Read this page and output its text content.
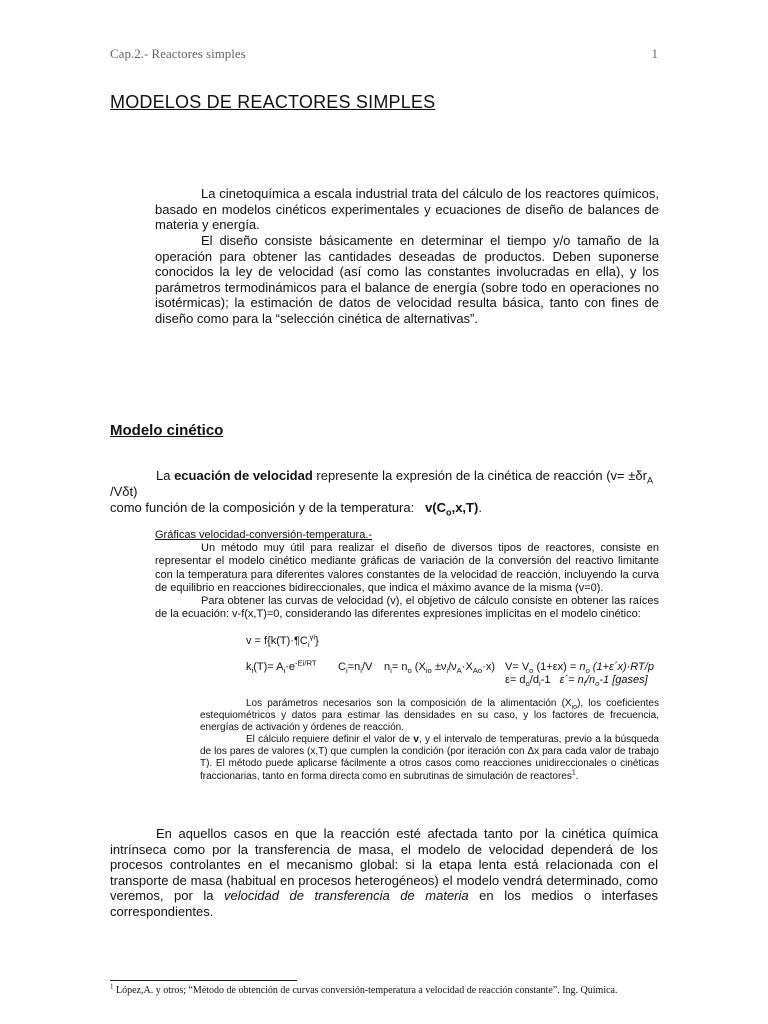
Cap.2.- Reactores simples	1
MODELOS DE REACTORES SIMPLES
La cinetoquímica a escala industrial trata del cálculo de los reactores químicos, basado en modelos cinéticos experimentales y ecuaciones de diseño de balances de materia y energía.
El diseño consiste básicamente en determinar el tiempo y/o tamaño de la operación para obtener las cantidades deseadas de productos. Deben suponerse conocidos la ley de velocidad (así como las constantes involucradas en ella), y los parámetros termodinámicos para el balance de energía (sobre todo en operaciones no isotérmicas); la estimación de datos de velocidad resulta básica, tanto con fines de diseño como para la “selección cinética de alternativas”.
Modelo cinético
La ecuación de velocidad represente la expresión de la cinética de reacción ($v= \pm\delta r_A$ /Vδt)
como función de la composición y de la temperatura: $v(C_o,x,T)$.
Gráficas velocidad-conversión-temperatura.-
Un método muy útil para realizar el diseño de diversos tipos de reactores, consiste en representar el modelo cinético mediante gráficas de variación de la conversión del reactivo limitante con la temperatura para diferentes valores constantes de la velocidad de reacción, incluyendo la curva de equilibrio en reacciones bidireccionales, que indica el máximo avance de la misma (v=0).
Para obtener las curvas de velocidad (v), el objetivo de cálculo consiste en obtener las raíces de la ecuación: v-f(x,T)=0, considerando las diferentes expresiones implícitas en el modelo cinético:
$v = f\{k(T)\cdot\P C_i^{\gamma i}\}$
$k_i(T)= A_i\cdot e^{-Ei/RT}$ $C_i=n_i/V$ $n_i= n_o$ $(X_{io} \pm\nu_i/\nu_A\cdot X_{Ao}\cdot x)$ $V= V_o$ $(1+\varepsilon x) = n_o$ (1+ε´x)·RT/p
$\varepsilon= d_o/d_i-1$ ε´= $n_f/n_o-1$ [gases]
Los parámetros necesarios son la composición de la alimentación $(X_{io})$, los coeficientes estequiométricos y datos para estimar las densidades en su caso, y los factores de frecuencia, energías de activación y órdenes de reacción.
El cálculo requiere definir el valor de v, y el intervalo de temperaturas, previo a la búsqueda de los pares de valores (x,T) que cumplen la condición (por iteración con Δx para cada valor de trabajo T). El método puede aplicarse fácilmente a otros casos como reacciones unidireccionales o cinéticas fraccionarias, tanto en forma directa como en subrutinas de simulación de reactores$^1$.
En aquellos casos en que la reacción esté afectada tanto por la cinética química intrínseca como por la transferencia de masa, el modelo de velocidad dependerá de los procesos controlantes en el mecanismo global: si la etapa lenta está relacionada con el transporte de masa (habitual en procesos heterogéneos) el modelo vendrá determinado, como veremos, por la velocidad de transferencia de materia en los medios o interfases correspondientes.
$^1$ López,A. y otros; “Método de obtención de curvas conversión-temperatura a velocidad de reacción constante”. Ing. Química.
